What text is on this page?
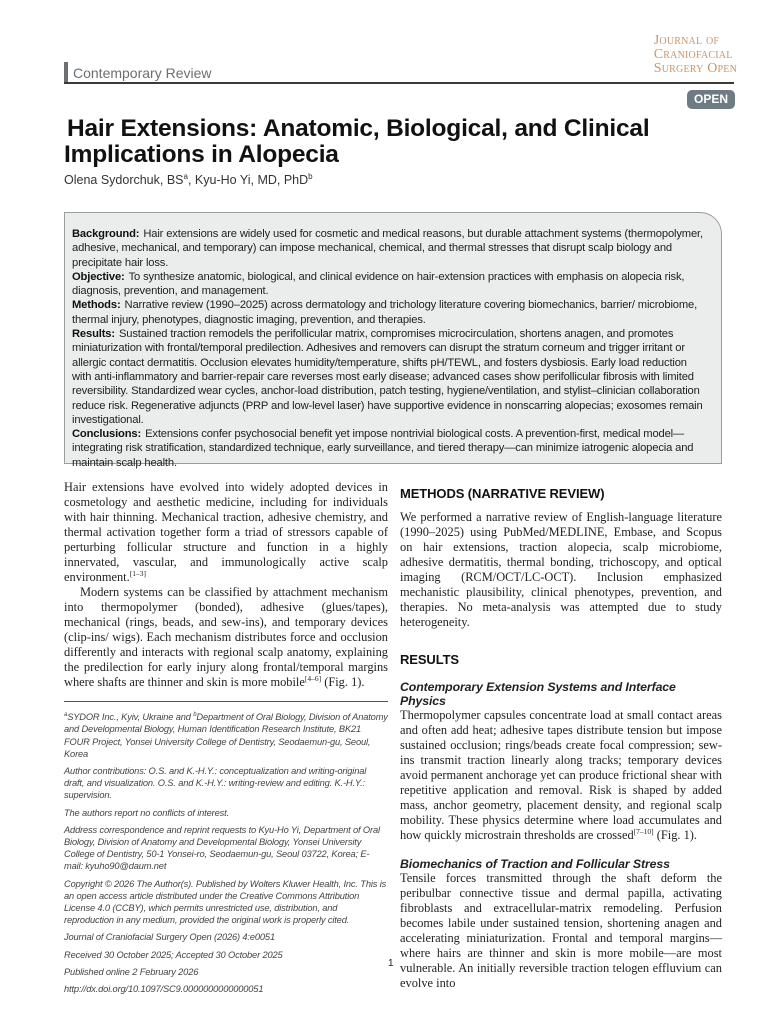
Journal of
Craniofacial
Surgery Open
Contemporary Review
OPEN
Hair Extensions: Anatomic, Biological, and Clinical
Implications in Alopecia
Olena Sydorchuk, $BS^a$, Kyu-Ho Yi, MD, PhD$^b$

Background: Hair extensions are widely used for cosmetic and medical reasons, but durable attachment systems (thermopolymer, adhesive, mechanical, and temporary) can impose mechanical, chemical, and thermal stresses that disrupt scalp biology and precipitate hair loss.

Objective: To synthesize anatomic, biological, and clinical evidence on hair-extension practices with emphasis on alopecia risk, diagnosis, prevention, and management.

Methods: Narrative review (1990–2025) across dermatology and trichology literature covering biomechanics, barrier/ microbiome, thermal injury, phenotypes, diagnostic imaging, prevention, and therapies.

Results: Sustained traction remodels the perifollicular matrix, compromises microcirculation, shortens anagen, and promotes miniaturization with frontal/temporal predilection. Adhesives and removers can disrupt the stratum corneum and trigger irritant or allergic contact dermatitis. Occlusion elevates humidity/temperature, shifts pH/TEWL, and fosters dysbiosis. Early load reduction with anti-inflammatory and barrier-repair care reverses most early disease; advanced cases show perifollicular fibrosis with limited reversibility. Standardized wear cycles, anchor-load distribution, patch testing, hygiene/ventilation, and stylist–clinician collaboration reduce risk. Regenerative adjuncts (PRP and low-level laser) have supportive evidence in nonscarring alopecias; exosomes remain investigational.

Conclusions: Extensions confer psychosocial benefit yet impose nontrivial biological costs. A prevention-first, medical model—integrating risk stratification, standardized technique, early surveillance, and tiered therapy—can minimize iatrogenic alopecia and maintain scalp health.

Hair extensions have evolved into widely adopted devices in cosmetology and aesthetic medicine, including for individuals with hair thinning. Mechanical traction, adhesive chemistry, and thermal activation together form a triad of stressors capable of perturbing follicular structure and function in a highly innervated, vascular, and immunologically active scalp environment.[1–3]

Modern systems can be classified by attachment mechanism into thermopolymer (bonded), adhesive (glues/tapes), mechanical (rings, beads, and sew-ins), and temporary devices (clip-ins/ wigs). Each mechanism distributes force and occlusion differently and interacts with regional scalp anatomy, explaining the predilection for early injury along frontal/temporal margins where shafts are thinner and skin is more mobile[4–6] (Fig. 1).

$^a$SYDOR Inc., Kyiv, Ukraine and $^b$Department of Oral Biology, Division of Anatomy and Developmental Biology, Human Identification Research Institute, BK21 FOUR Project, Yonsei University College of Dentistry, Seodaemun-gu, Seoul, Korea

Author contributions: O.S. and K.-H.Y.: conceptualization and writing-original draft, and visualization. O.S. and K.-H.Y.: writing-review and editing. K.-H.Y.: supervision.

The authors report no conflicts of interest.

Address correspondence and reprint requests to Kyu-Ho Yi, Department of Oral Biology, Division of Anatomy and Developmental Biology, Yonsei University College of Dentistry, 50-1 Yonsei-ro, Seodaemun-gu, Seoul 03722, Korea; E-mail: kyuho90@daum.net

Copyright © 2026 The Author(s). Published by Wolters Kluwer Health, Inc. This is an open access article distributed under the Creative Commons Attribution License 4.0 (CCBY), which permits unrestricted use, distribution, and reproduction in any medium, provided the original work is properly cited.

Journal of Craniofacial Surgery Open (2026) 4:e0051

Received 30 October 2025; Accepted 30 October 2025

Published online 2 February 2026

http://dx.doi.org/10.1097/SC9.0000000000000051

METHODS (NARRATIVE REVIEW)

We performed a narrative review of English-language literature (1990–2025) using PubMed/MEDLINE, Embase, and Scopus on hair extensions, traction alopecia, scalp microbiome, adhesive dermatitis, thermal bonding, trichoscopy, and optical imaging (RCM/OCT/LC-OCT). Inclusion emphasized mechanistic plausibility, clinical phenotypes, prevention, and therapies. No meta-analysis was attempted due to study heterogeneity.

RESULTS
Contemporary Extension Systems and Interface Physics

Thermopolymer capsules concentrate load at small contact areas and often add heat; adhesive tapes distribute tension but impose sustained occlusion; rings/beads create focal compression; sew-ins transmit traction linearly along tracks; temporary devices avoid permanent anchorage yet can produce frictional shear with repetitive application and removal. Risk is shaped by added mass, anchor geometry, placement density, and regional scalp mobility. These physics determine where load accumulates and how quickly microstrain thresholds are crossed[7–10] (Fig. 1).

Biomechanics of Traction and Follicular Stress

Tensile forces transmitted through the shaft deform the peribulbar connective tissue and dermal papilla, activating fibroblasts and extracellular-matrix remodeling. Perfusion becomes labile under sustained tension, shortening anagen and accelerating miniaturization. Frontal and temporal margins—where hairs are thinner and skin is more mobile—are most vulnerable. An initially reversible traction telogen effluvium can evolve into

1
